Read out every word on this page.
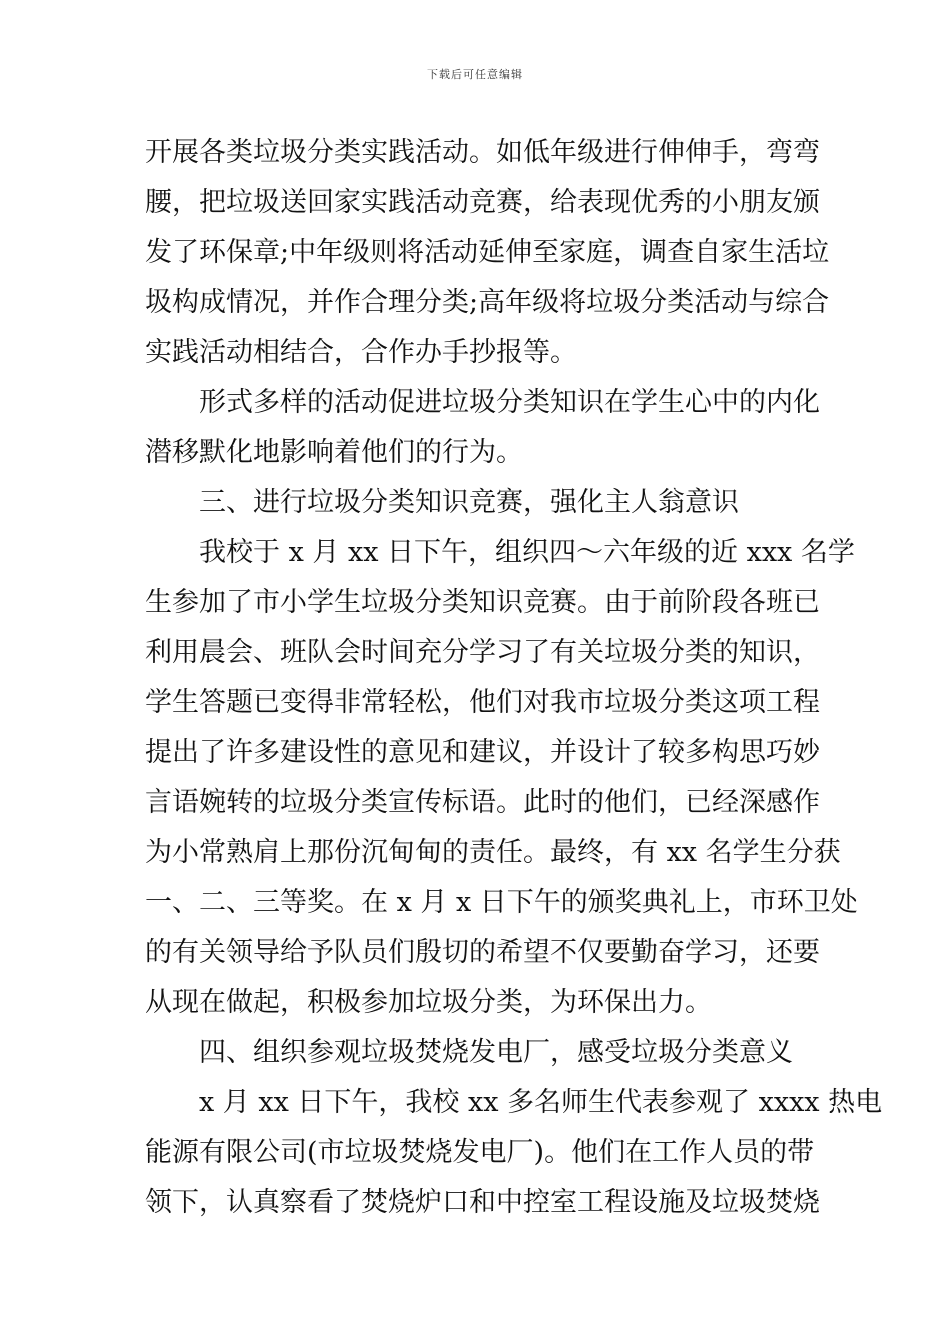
下载后可任意编辑
开展各类垃圾分类实践活动。如低年级进行伸伸手，弯弯
腰，把垃圾送回家实践活动竞赛，给表现优秀的小朋友颁
发了环保章;中年级则将活动延伸至家庭，调查自家生活垃
圾构成情况，并作合理分类;高年级将垃圾分类活动与综合
实践活动相结合，合作办手抄报等。
形式多样的活动促进垃圾分类知识在学生心中的内化
潜移默化地影响着他们的行为。
三、进行垃圾分类知识竞赛，强化主人翁意识
我校于 x 月 xx 日下午，组织四～六年级的近 xxx 名学
生参加了市小学生垃圾分类知识竞赛。由于前阶段各班已
利用晨会、班队会时间充分学习了有关垃圾分类的知识，
学生答题已变得非常轻松，他们对我市垃圾分类这项工程
提出了许多建设性的意见和建议，并设计了较多构思巧妙
言语婉转的垃圾分类宣传标语。此时的他们，已经深感作
为小常熟肩上那份沉甸甸的责任。最终，有 xx 名学生分获
一、二、三等奖。在 x 月 x 日下午的颁奖典礼上，市环卫处
的有关领导给予队员们殷切的希望不仅要勤奋学习，还要
从现在做起，积极参加垃圾分类，为环保出力。
四、组织参观垃圾焚烧发电厂，感受垃圾分类意义
x 月 xx 日下午，我校 xx 多名师生代表参观了 xxxx 热电
能源有限公司(市垃圾焚烧发电厂)。他们在工作人员的带
领下，认真察看了焚烧炉口和中控室工程设施及垃圾焚烧
